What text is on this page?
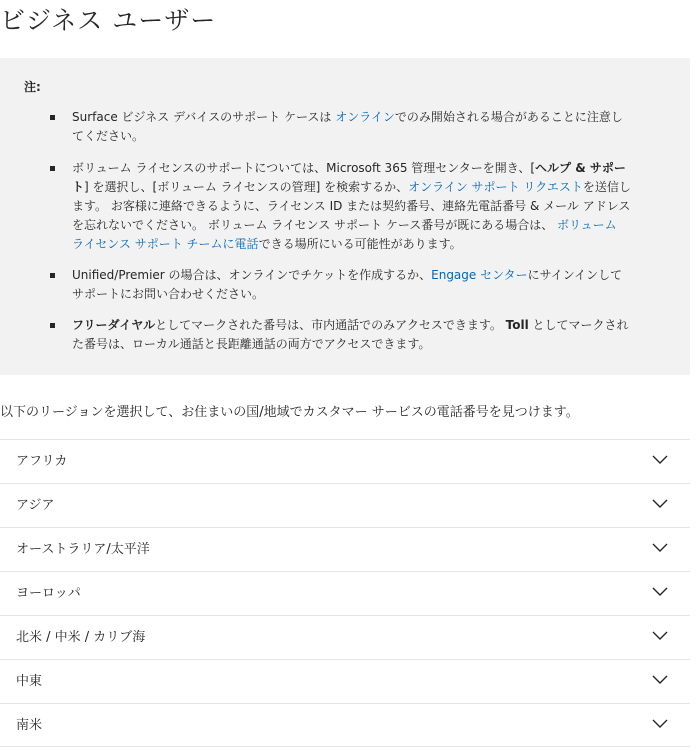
ビジネス ユーザー
注:
Surface ビジネス デバイスのサポート ケースは オンラインでのみ開始される場合があることに注意してください。
ボリューム ライセンスのサポートについては、Microsoft 365 管理センターを開き、[ヘルプ & サポート] を選択し、[ボリューム ライセンスの管理] を検索するか、オンライン サポート リクエストを送信します。 お客様に連絡できるように、ライセンス ID または契約番号、連絡先電話番号 & メール アドレスを忘れないでください。 ボリューム ライセンス サポート ケース番号が既にある場合は、 ボリューム ライセンス サポート チームに電話できる場所にいる可能性があります。
Unified/Premier の場合は、オンラインでチケットを作成するか、Engage センターにサインインしてサポートにお問い合わせください。
フリーダイヤルとしてマークされた番号は、市内通話でのみアクセスできます。 Toll としてマークされた番号は、ローカル通話と長距離通話の両方でアクセスできます。
以下のリージョンを選択して、お住まいの国/地域でカスタマー サービスの電話番号を見つけます。
アフリカ
アジア
オーストラリア/太平洋
ヨーロッパ
北米 / 中米 / カリブ海
中東
南米
